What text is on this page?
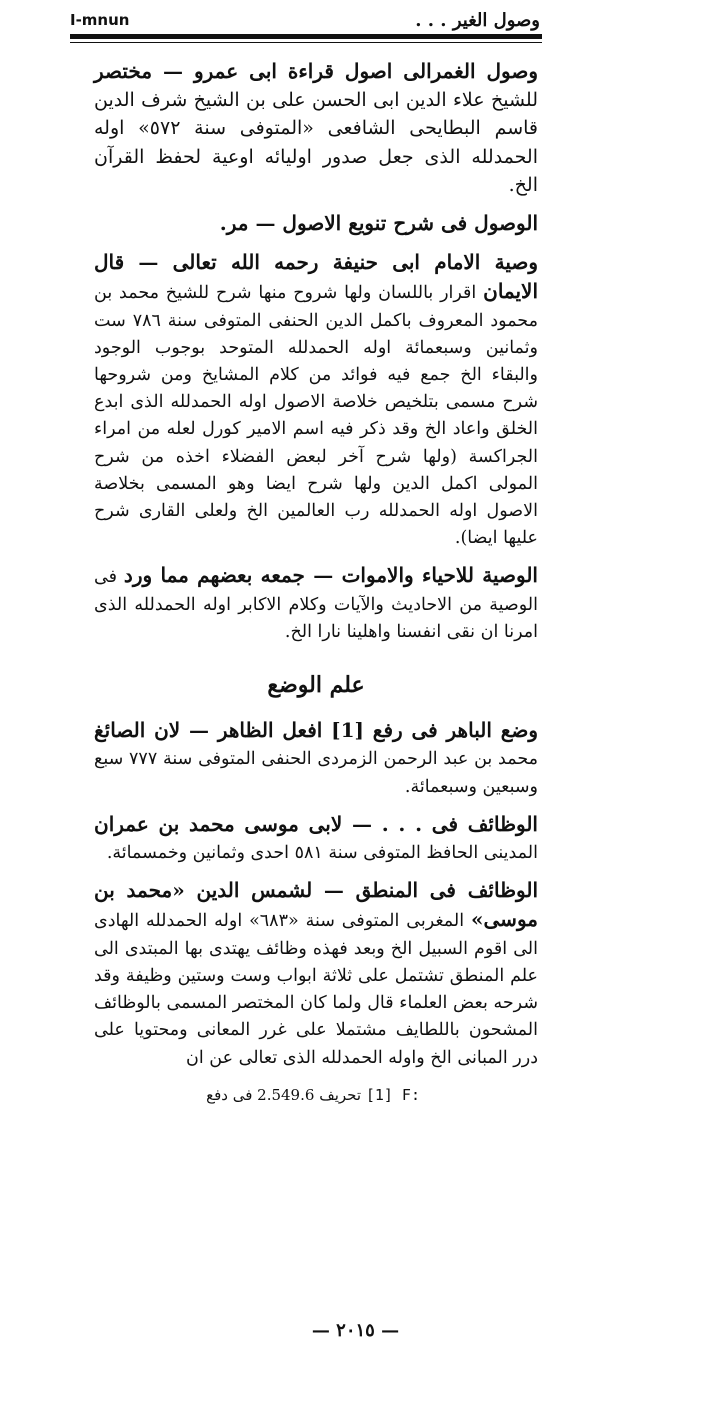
وصول الغير . . .
I-​mnun
وصول الغمرالى اصول قراءة ابى عمرو — مختصر للشيخ علاء الدين ابى الحسن على بن الشيخ شرف الدين قاسم البطايحى الشافعى «المتوفى سنة ٥٧٢» اوله الحمدلله الذى جعل صدور اوليائه اوعية لحفظ القرآن الخ.
الوصول فى شرح تنويع الاصول — مر.
وصية الامام ابى حنيفة رحمه الله تعالى — قال الايمان اقرار باللسان ولها شروح منها شرح للشيخ محمد بن محمود المعروف باكمل الدين الحنفى المتوفى سنة ٧٨٦ ست وثمانين وسبعمائة اوله الحمدلله المتوحد بوجوب الوجود والبقاء الخ جمع فيه فوائد من كلام المشايخ ومن شروحها شرح مسمى بتلخيص خلاصة الاصول اوله الحمدلله الذى ابدع الخلق واعاد الخ وقد ذكر فيه اسم الامير كورل لعله من امراء الجراكسة (ولها شرح آخر لبعض الفضلاء اخذه من شرح المولى اكمل الدين ولها شرح ايضا وهو المسمى بخلاصة الاصول اوله الحمدلله رب العالمين الخ ولعلى القارى شرح عليها ايضا).
الوصية للاحياء والاموات — جمعه بعضهم مما ورد فى الوصية من الاحاديث والآيات وكلام الاكابر اوله الحمدلله الذى امرنا ان نقى انفسنا واهلينا نارا الخ.
علم الوضع
وضع الباهر فى رفع [1] افعل الظاهر — لان الصائغ محمد بن عبد الرحمن الزمردى الحنفى المتوفى سنة ٧٧٧ سبع وسبعين وسبعمائة.
الوظائف فى . . . — لابى موسى محمد بن عمران المدينى الحافظ المتوفى سنة ٥٨١ احدى وثمانين وخمسمائة.
الوظائف فى المنطق — لشمس الدين «محمد بن موسى» المغربى المتوفى سنة «٦٨٣» اوله الحمدلله الهادى الى اقوم السبيل الخ وبعد فهذه وظائف يهتدى بها المبتدى الى علم المنطق تشتمل على ثلاثة ابواب وست وستين وظيفة وقد شرحه بعض العلماء قال ولما كان المختصر المسمى بالوظائف المشحون باللطايف مشتملا على غرر المعانى ومحتويا على درر المبانى الخ واوله الحمدلله الذى تعالى عن ان
[1] F: تحريف 2.549.6 فى دفع
— ٢٠١٥ —
